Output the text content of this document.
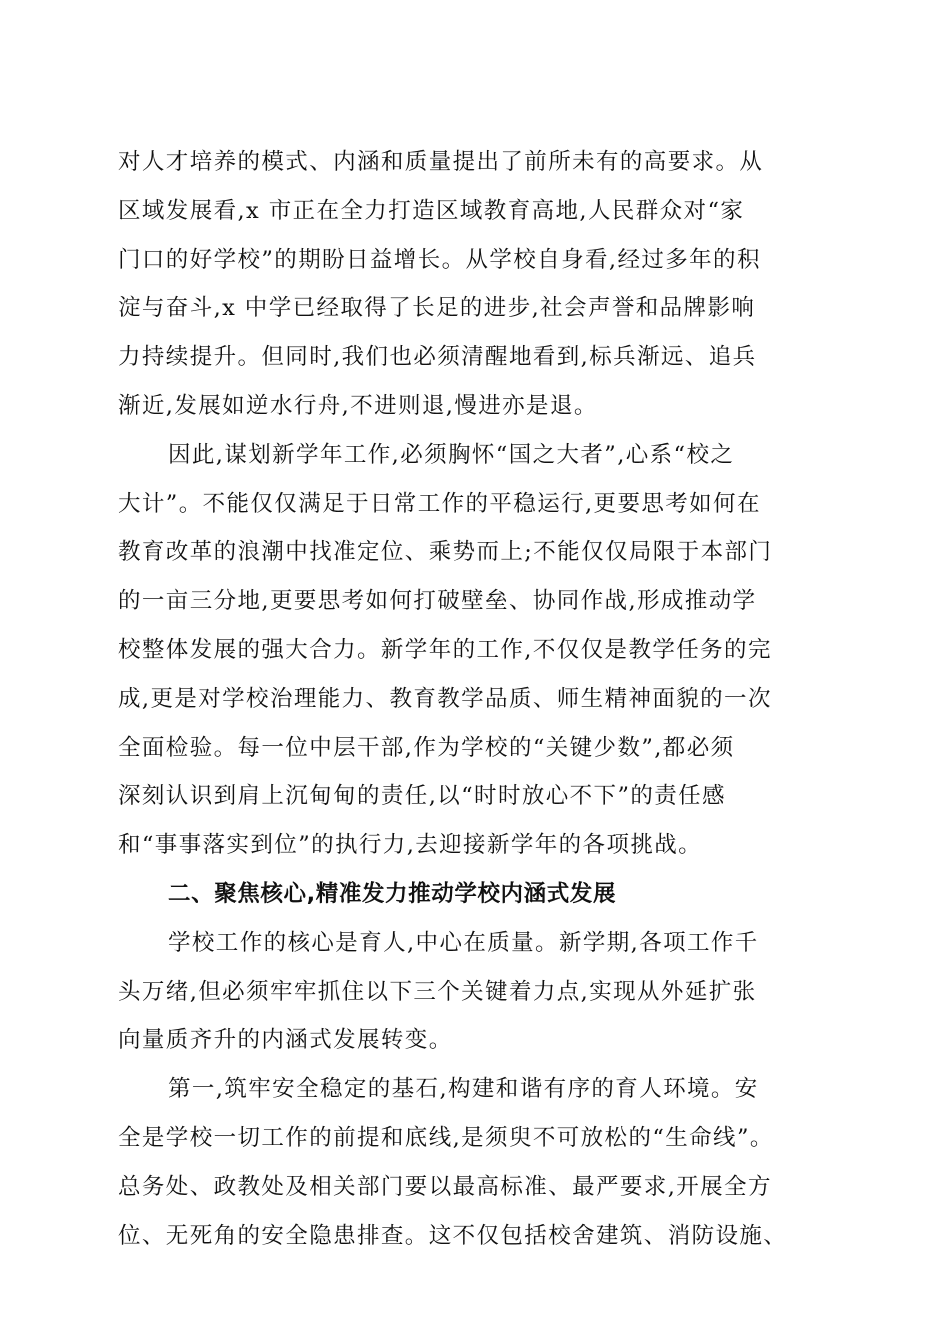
对人才培养的模式、内涵和质量提出了前所未有的高要求。从
区域发展看,x 市正在全力打造区域教育高地,人民群众对“家
门口的好学校”的期盼日益增长。从学校自身看,经过多年的积
淀与奋斗,x 中学已经取得了长足的进步,社会声誉和品牌影响
力持续提升。但同时,我们也必须清醒地看到,标兵渐远、追兵
渐近,发展如逆水行舟,不进则退,慢进亦是退。
因此,谋划新学年工作,必须胸怀“国之大者”,心系“校之
大计”。不能仅仅满足于日常工作的平稳运行,更要思考如何在
教育改革的浪潮中找准定位、乘势而上;不能仅仅局限于本部门
的一亩三分地,更要思考如何打破壁垒、协同作战,形成推动学
校整体发展的强大合力。新学年的工作,不仅仅是教学任务的完
成,更是对学校治理能力、教育教学品质、师生精神面貌的一次
全面检验。每一位中层干部,作为学校的“关键少数”,都必须
深刻认识到肩上沉甸甸的责任,以“时时放心不下”的责任感
和“事事落实到位”的执行力,去迎接新学年的各项挑战。
二、聚焦核心,精准发力推动学校内涵式发展
学校工作的核心是育人,中心在质量。新学期,各项工作千
头万绪,但必须牢牢抓住以下三个关键着力点,实现从外延扩张
向量质齐升的内涵式发展转变。
第一,筑牢安全稳定的基石,构建和谐有序的育人环境。安
全是学校一切工作的前提和底线,是须臾不可放松的“生命线”。
总务处、政教处及相关部门要以最高标准、最严要求,开展全方
位、无死角的安全隐患排查。这不仅包括校舍建筑、消防设施、
